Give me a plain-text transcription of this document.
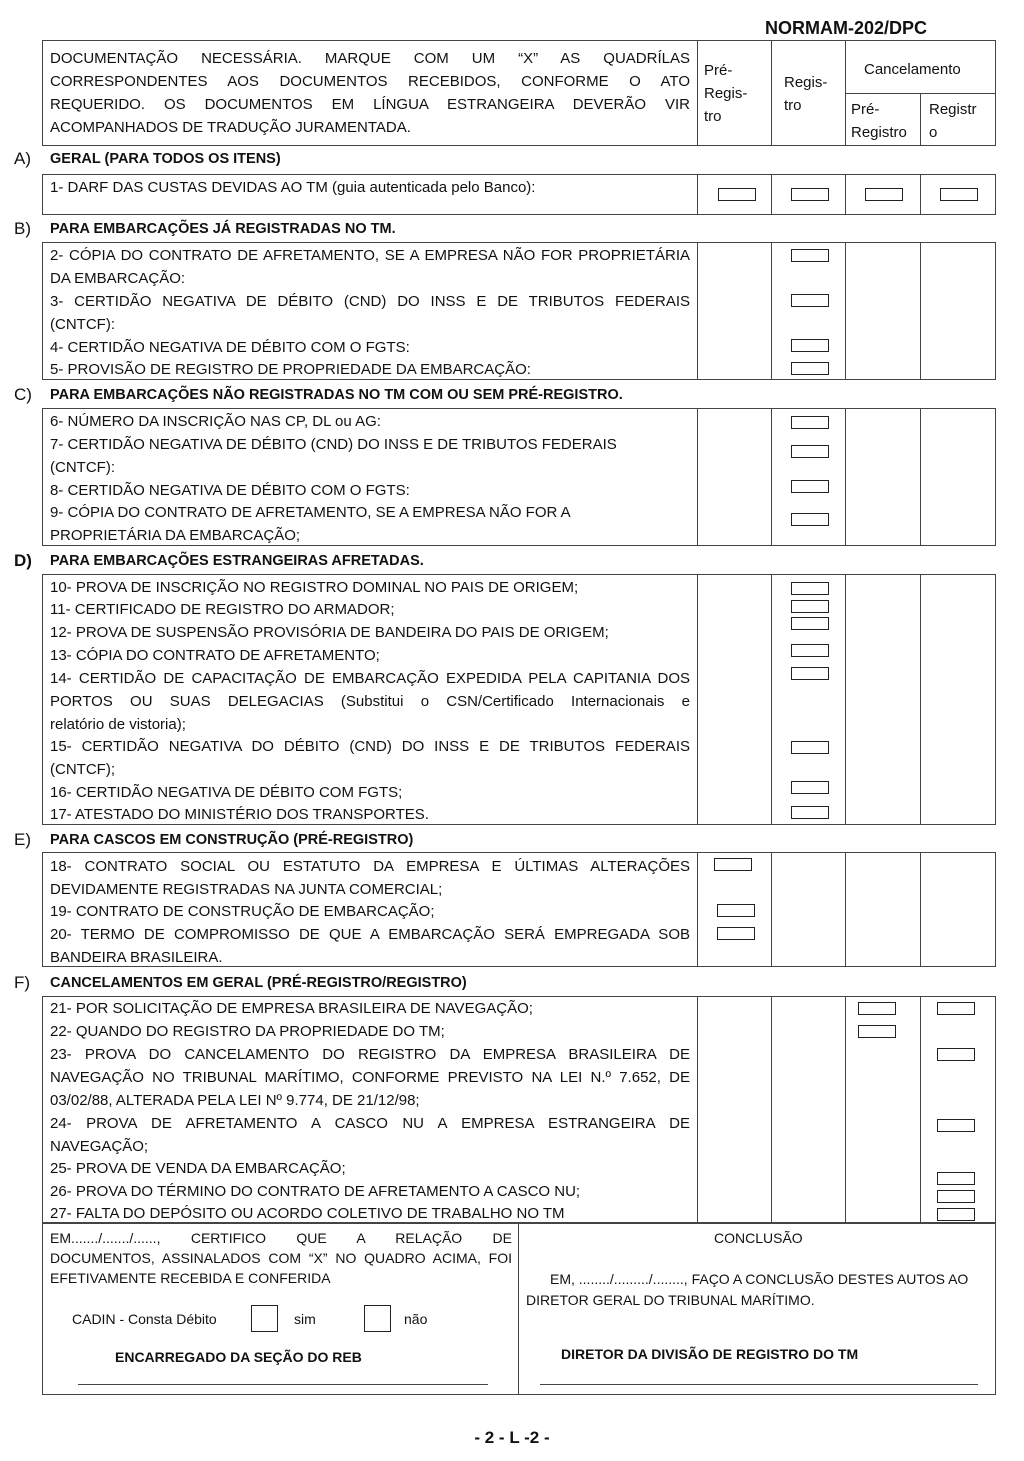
NORMAM-202/DPC
DOCUMENTAÇÃO NECESSÁRIA. MARQUE COM UM “X” AS QUADRÍLAS
CORRESPONDENTES AOS DOCUMENTOS RECEBIDOS, CONFORME O ATO
REQUERIDO. OS DOCUMENTOS EM LÍNGUA ESTRANGEIRA DEVERÃO VIR
ACOMPANHADOS DE TRADUÇÃO JURAMENTADA.
Pré-
Regis-
tro
Regis-
tro
Cancelamento
Pré-
Registro
Registr
o
A) GERAL (PARA TODOS OS ITENS)
1- DARF DAS CUSTAS DEVIDAS AO TM (guia autenticada pelo Banco):
B) PARA EMBARCAÇÕES JÁ REGISTRADAS NO TM.
2- CÓPIA DO CONTRATO DE AFRETAMENTO, SE A EMPRESA NÃO FOR PROPRIETÁRIA
DA EMBARCAÇÃO:
3- CERTIDÃO NEGATIVA DE DÉBITO (CND) DO INSS E DE TRIBUTOS FEDERAIS
(CNTCF):
4- CERTIDÃO NEGATIVA DE DÉBITO COM O FGTS:
5- PROVISÃO DE REGISTRO DE PROPRIEDADE DA EMBARCAÇÃO:
C) PARA EMBARCAÇÕES NÃO REGISTRADAS NO TM COM OU SEM PRÉ-REGISTRO.
6- NÚMERO DA INSCRIÇÃO NAS CP, DL ou AG:
7- CERTIDÃO NEGATIVA DE DÉBITO (CND) DO INSS E DE TRIBUTOS FEDERAIS
(CNTCF):
8- CERTIDÃO NEGATIVA DE DÉBITO COM O FGTS:
9- CÓPIA DO CONTRATO DE AFRETAMENTO, SE A EMPRESA NÃO FOR A
PROPRIETÁRIA DA EMBARCAÇÃO;
D) PARA EMBARCAÇÕES ESTRANGEIRAS AFRETADAS.
10- PROVA DE INSCRIÇÃO NO REGISTRO DOMINAL NO PAIS DE ORIGEM;
11- CERTIFICADO DE REGISTRO DO ARMADOR;
12- PROVA DE SUSPENSÃO PROVISÓRIA DE BANDEIRA DO PAIS DE ORIGEM;
13- CÓPIA DO CONTRATO DE AFRETAMENTO;
14- CERTIDÃO DE CAPACITAÇÃO DE EMBARCAÇÃO EXPEDIDA PELA CAPITANIA DOS
PORTOS OU SUAS DELEGACIAS (Substitui o CSN/Certificado Internacionais e
relatório de vistoria);
15- CERTIDÃO NEGATIVA DO DÉBITO (CND) DO INSS E DE TRIBUTOS FEDERAIS
(CNTCF);
16- CERTIDÃO NEGATIVA DE DÉBITO COM FGTS;
17- ATESTADO DO MINISTÉRIO DOS TRANSPORTES.
E) PARA CASCOS EM CONSTRUÇÃO (PRÉ-REGISTRO)
18- CONTRATO SOCIAL OU ESTATUTO DA EMPRESA E ÚLTIMAS ALTERAÇÕES
DEVIDAMENTE REGISTRADAS NA JUNTA COMERCIAL;
19- CONTRATO DE CONSTRUÇÃO DE EMBARCAÇÃO;
20- TERMO DE COMPROMISSO DE QUE A EMBARCAÇÃO SERÁ EMPREGADA SOB
BANDEIRA BRASILEIRA.
F) CANCELAMENTOS EM GERAL (PRÉ-REGISTRO/REGISTRO)
21- POR SOLICITAÇÃO DE EMPRESA BRASILEIRA DE NAVEGAÇÃO;
22- QUANDO DO REGISTRO DA PROPRIEDADE DO TM;
23- PROVA DO CANCELAMENTO DO REGISTRO DA EMPRESA BRASILEIRA DE
NAVEGAÇÃO NO TRIBUNAL MARÍTIMO, CONFORME PREVISTO NA LEI N.º 7.652, DE
03/02/88, ALTERADA PELA LEI Nº 9.774, DE 21/12/98;
24- PROVA DE AFRETAMENTO A CASCO NU A EMPRESA ESTRANGEIRA DE
NAVEGAÇÃO;
25- PROVA DE VENDA DA EMBARCAÇÃO;
26- PROVA DO TÉRMINO DO CONTRATO DE AFRETAMENTO A CASCO NU;
27- FALTA DO DEPÓSITO OU ACORDO COLETIVO DE TRABALHO NO TM
EM......./......./......, CERTIFICO QUE A RELAÇÃO DE
DOCUMENTOS, ASSINALADOS COM “X” NO QUADRO ACIMA, FOI
EFETIVAMENTE RECEBIDA E CONFERIDA
CADIN - Consta Débito	sim	não
ENCARREGADO DA SEÇÃO DO REB
CONCLUSÃO
EM, ......../........./........, FAÇO A CONCLUSÃO DESTES AUTOS AO
DIRETOR GERAL DO TRIBUNAL MARÍTIMO.
DIRETOR DA DIVISÃO DE REGISTRO DO TM
- 2 - L -2 -
